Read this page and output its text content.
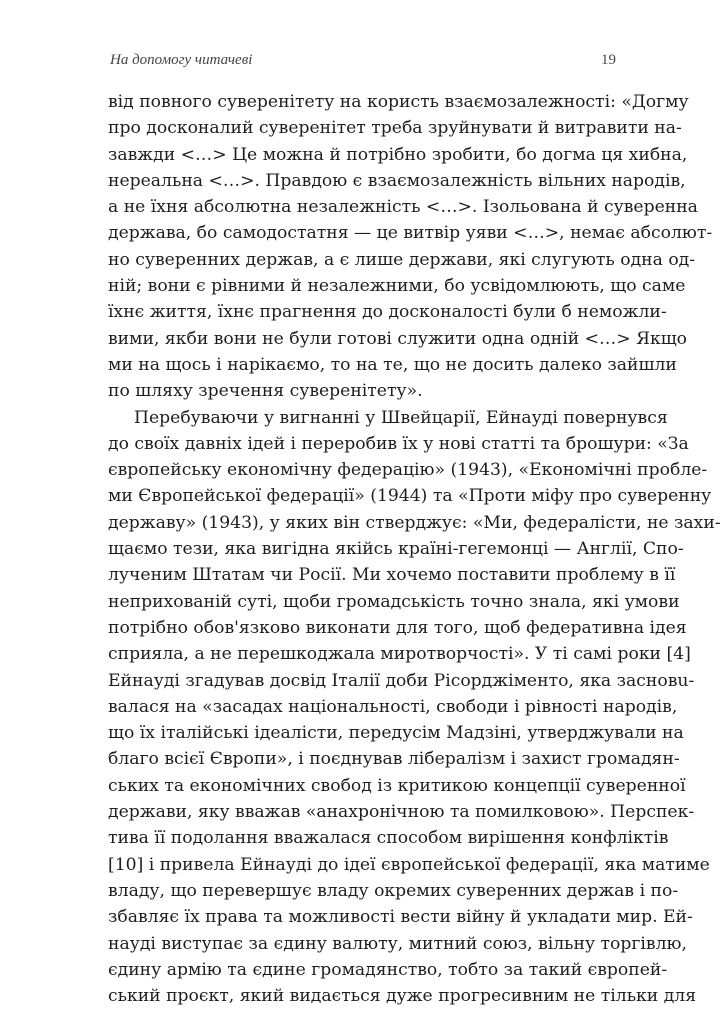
На допомогу читачеві	19
від повного суверенітету на користь взаємозалежності: «Догму
про досконалий суверенітет треба зруйнувати й витравити на-
завжди <…> Це можна й потрібно зробити, бо догма ця хибна,
нереальна <…>. Правдою є взаємозалежність вільних народів,
а не їхня абсолютна незалежність <…>. Ізольована й суверенна
держава, бо самодостатня — це витвір уяви <…>, немає абсолют-
но суверенних держав, а є лише держави, які слугують одна од-
ній; вони є рівними й незалежними, бо усвідомлюють, що саме
їхнє життя, їхнє прагнення до досконалості були б неможли-
вими, якби вони не були готові служити одна одній <…> Якщо
ми на щось і нарікаємо, то на те, що не досить далеко зайшли
по шляху зречення суверенітету».
Перебуваючи у вигнанні у Швейцарії, Ейнауді повернувся
до своїх давніх ідей і переробив їх у нові статті та брошури: «За
європейську економічну федерацію» (1943), «Економічні пробле-
ми Європейської федерації» (1944) та «Проти міфу про суверенну
державу» (1943), у яких він стверджує: «Ми, федералісти, не захи-
щаємо тези, яка вигідна якійсь країні-гегемонці — Англії, Спо-
лученим Штатам чи Росії. Ми хочемо поставити проблему в її
неприхованій суті, щоби громадськість точно знала, які умови
потрібно обов'язково виконати для того, щоб федеративна ідея
сприяла, а не перешкоджала миротворчості». У ті самі роки [4]
Ейнауді згадував досвід Італії доби Рісорджіменто, яка засновu-
валася на «засадах національності, свободи і рівності народів,
що їх італійські ідеалісти, передусім Мадзіні, утверджували на
благо всієї Європи», і поєднував лібералізм і захист громадян-
ських та економічних свобод із критикою концепції суверенної
держави, яку вважав «анахронічною та помилковою». Перспек-
тива її подолання вважалася способом вирішення конфліктів
[10] і привела Ейнауді до ідеї європейської федерації, яка матиме
владу, що перевершує владу окремих суверенних держав і по-
збавляє їх права та можливості вести війну й укладати мир. Ей-
науді виступає за єдину валюту, митний союз, вільну торгівлю,
єдину армію та єдине громадянство, тобто за такий європей-
ський проєкт, який видається дуже прогресивним не тільки для
